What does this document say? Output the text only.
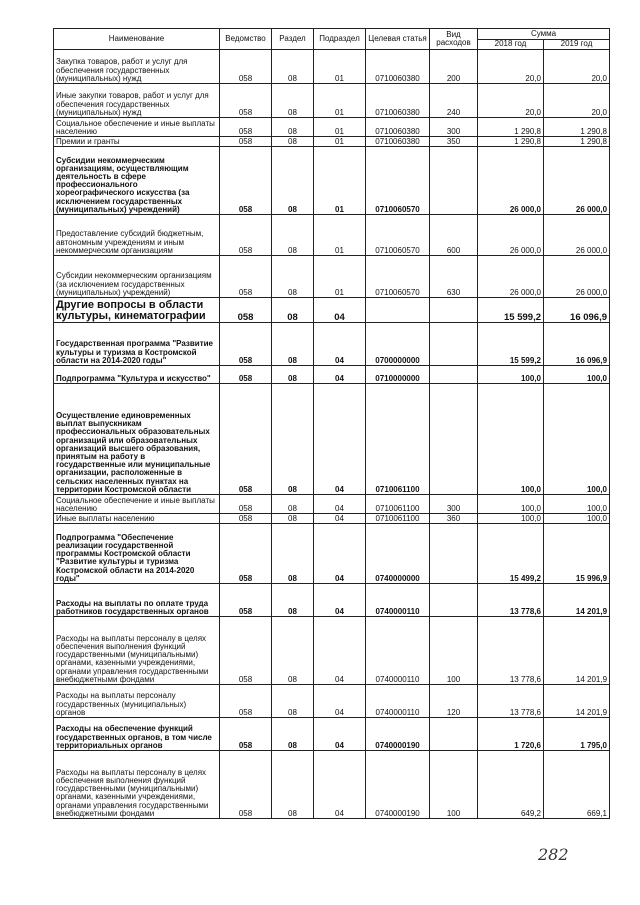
Наименование	Ведомство	Раздел	Подраздел	Целевая статья	Вид расходов	Сумма	
						2018 год	2019 год
Закупка товаров, работ и услуг для обеспечения государственных (муниципальных) нужд	058	08	01	0710060380	200	20,0	20,0
Иные закупки товаров, работ и услуг для обеспечения государственных (муниципальных) нужд	058	08	01	0710060380	240	20,0	20,0
Социальное обеспечение и иные выплаты населению	058	08	01	0710060380	300	1 290,8	1 290,8
Премии и гранты	058	08	01	0710060380	350	1 290,8	1 290,8
Субсидии некоммерческим организациям, осуществляющим деятельность в сфере профессионального хореографического искусства (за исключением государственных (муниципальных) учреждений)	058	08	01	0710060570		26 000,0	26 000,0
Предоставление субсидий бюджетным, автономным учреждениям и иным некоммерческим организациям	058	08	01	0710060570	600	26 000,0	26 000,0
Субсидии некоммерческим организациям (за исключением государственных (муниципальных) учреждений)	058	08	01	0710060570	630	26 000,0	26 000,0
Другие вопросы в области культуры, кинематографии	058	08	04			15 599,2	16 096,9
Государственная программа "Развитие культуры и туризма в Костромской области на 2014-2020 годы"	058	08	04	0700000000		15 599,2	16 096,9
Подпрограмма "Культура и искусство"	058	08	04	0710000000		100,0	100,0
Осуществление единовременных выплат выпускникам профессиональных образовательных организаций или образовательных организаций высшего образования, принятым на работу в государственные или муниципальные организации, расположенные в сельских населенных пунктах на территории Костромской области	058	08	04	0710061100		100,0	100,0
Социальное обеспечение и иные выплаты населению	058	08	04	0710061100	300	100,0	100,0
Иные выплаты населению	058	08	04	0710061100	360	100,0	100,0
Подпрограмма "Обеспечение реализации государственной программы Костромской области "Развитие культуры и туризма Костромской области на 2014-2020 годы"	058	08	04	0740000000		15 499,2	15 996,9
Расходы на выплаты по оплате труда работников государственных органов	058	08	04	0740000110		13 778,6	14 201,9
Расходы на выплаты персоналу в целях обеспечения выполнения функций государственными (муниципальными) органами, казенными учреждениями, органами управления государственными внебюджетными фондами	058	08	04	0740000110	100	13 778,6	14 201,9
Расходы на выплаты персоналу государственных (муниципальных) органов	058	08	04	0740000110	120	13 778,6	14 201,9
Расходы на обеспечение функций государственных органов, в том числе территориальных органов	058	08	04	0740000190		1 720,6	1 795,0
Расходы на выплаты персоналу в целях обеспечения выполнения функций государственными (муниципальными) органами, казенными учреждениями, органами управления государственными внебюджетными фондами	058	08	04	0740000190	100	649,2	669,1
282
